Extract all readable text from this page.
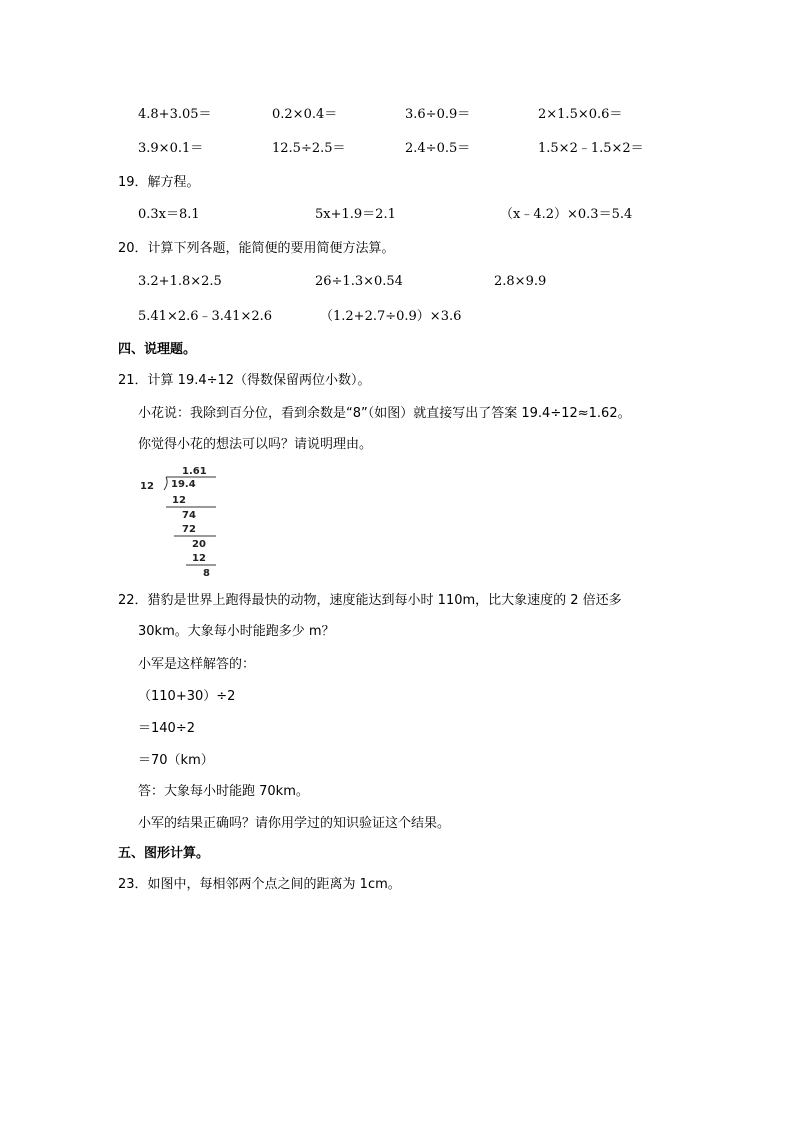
4.8+3.05＝	0.2×0.4＝	3.6÷0.9＝	2×1.5×0.6＝
3.9×0.1＝	12.5÷2.5＝	2.4÷0.5＝	1.5×2﹣1.5×2＝
19．解方程。
0.3x＝8.1	5x+1.9＝2.1	（x﹣4.2）×0.3＝5.4
20．计算下列各题，能简便的要用简便方法算。
3.2+1.8×2.5	26÷1.3×0.54	2.8×9.9
5.41×2.6﹣3.41×2.6	（1.2+2.7÷0.9）×3.6
四、说理题。
21．计算 19.4÷12（得数保留两位小数）。
小花说：我除到百分位，看到余数是“8”（如图）就直接写出了答案 19.4÷12≈1.62。
你觉得小花的想法可以吗？请说明理由。
1.61
12 19.4
12
74
72
20
12
8
22．猎豹是世界上跑得最快的动物，速度能达到每小时 110m，比大象速度的 2 倍还多
30km。大象每小时能跑多少 m？
小军是这样解答的：
（110+30）÷2
＝140÷2
＝70（km）
答：大象每小时能跑 70km。
小军的结果正确吗？请你用学过的知识验证这个结果。
五、图形计算。
23．如图中，每相邻两个点之间的距离为 1cm。
